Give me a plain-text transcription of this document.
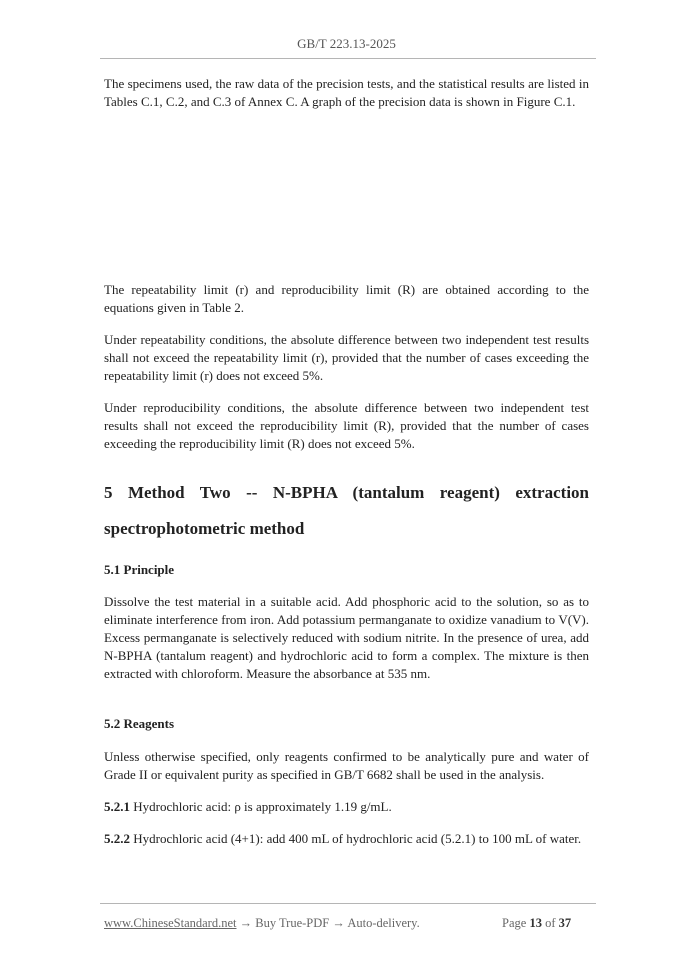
GB/T 223.13-2025

The specimens used, the raw data of the precision tests, and the statistical results are listed in Tables C.1, C.2, and C.3 of Annex C. A graph of the precision data is shown in Figure C.1.

The repeatability limit (r) and reproducibility limit (R) are obtained according to the equations given in Table 2.

Under repeatability conditions, the absolute difference between two independent test results shall not exceed the repeatability limit (r), provided that the number of cases exceeding the repeatability limit (r) does not exceed 5%.

Under reproducibility conditions, the absolute difference between two independent test results shall not exceed the reproducibility limit (R), provided that the number of cases exceeding the reproducibility limit (R) does not exceed 5%.

5 Method Two -- N-BPHA (tantalum reagent) extraction spectrophotometric method
5.1 Principle

Dissolve the test material in a suitable acid. Add phosphoric acid to the solution, so as to eliminate interference from iron. Add potassium permanganate to oxidize vanadium to V(V). Excess permanganate is selectively reduced with sodium nitrite. In the presence of urea, add N-BPHA (tantalum reagent) and hydrochloric acid to form a complex. The mixture is then extracted with chloroform. Measure the absorbance at 535 nm.

5.2 Reagents

Unless otherwise specified, only reagents confirmed to be analytically pure and water of Grade II or equivalent purity as specified in GB/T 6682 shall be used in the analysis.

5.2.1 Hydrochloric acid: ρ is approximately 1.19 g/mL.

5.2.2 Hydrochloric acid (4+1): add 400 mL of hydrochloric acid (5.2.1) to 100 mL of water.

www.ChineseStandard.net → Buy True-PDF → Auto-delivery.	Page 13 of 37
